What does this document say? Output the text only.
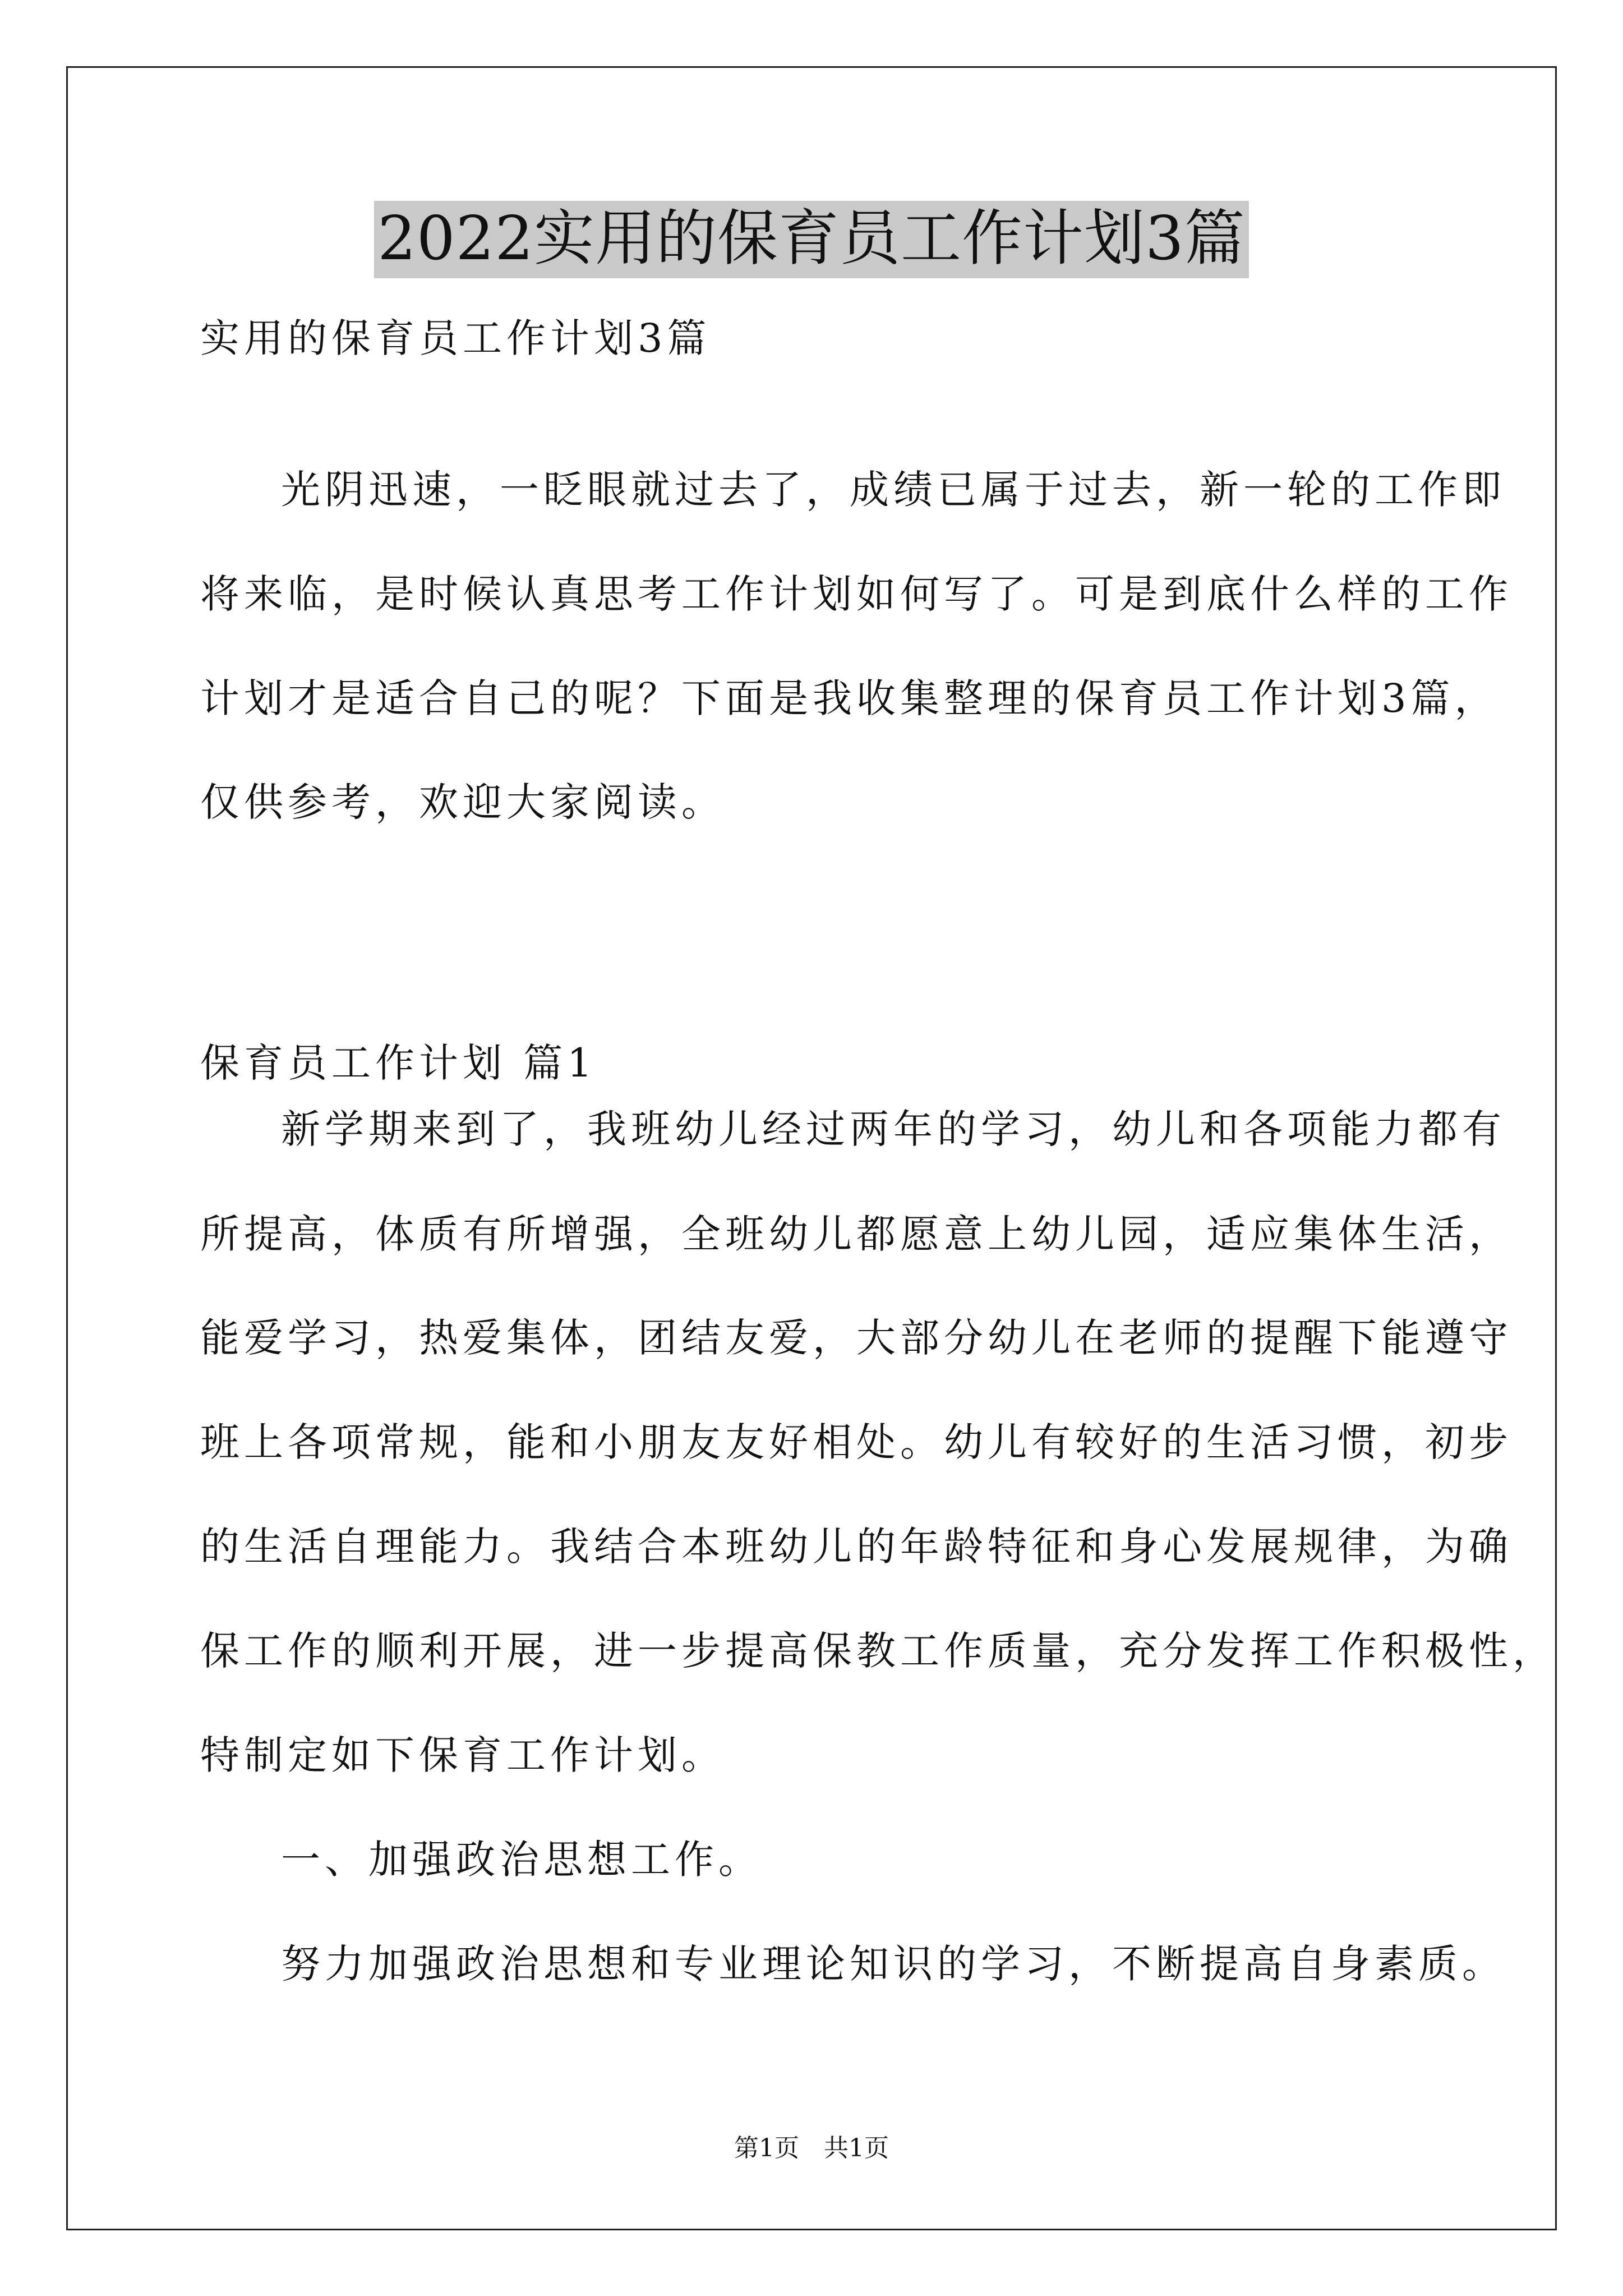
2022实用的保育员工作计划3篇
实用的保育员工作计划3篇
光阴迅速，一眨眼就过去了，成绩已属于过去，新一轮的工作即
将来临，是时候认真思考工作计划如何写了。可是到底什么样的工作
计划才是适合自己的呢？下面是我收集整理的保育员工作计划3篇，
仅供参考，欢迎大家阅读。
保育员工作计划 篇1
新学期来到了，我班幼儿经过两年的学习，幼儿和各项能力都有
所提高，体质有所增强，全班幼儿都愿意上幼儿园，适应集体生活，
能爱学习，热爱集体，团结友爱，大部分幼儿在老师的提醒下能遵守
班上各项常规，能和小朋友友好相处。幼儿有较好的生活习惯，初步
的生活自理能力。我结合本班幼儿的年龄特征和身心发展规律，为确
保工作的顺利开展，进一步提高保教工作质量，充分发挥工作积极性，
特制定如下保育工作计划。
一、加强政治思想工作。
努力加强政治思想和专业理论知识的学习，不断提高自身素质。
第1页　共1页
